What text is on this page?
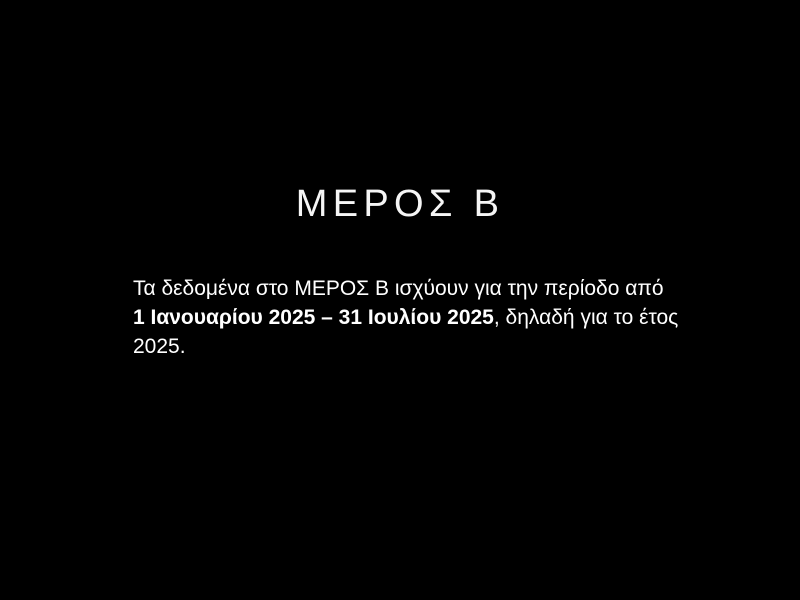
ΜΕΡΟΣ Β
Τα δεδομένα στο ΜΕΡΟΣ Β ισχύουν για την περίοδο από
1 Ιανουαρίου 2025 – 31 Ιουλίου 2025, δηλαδή για το έτος
2025.
